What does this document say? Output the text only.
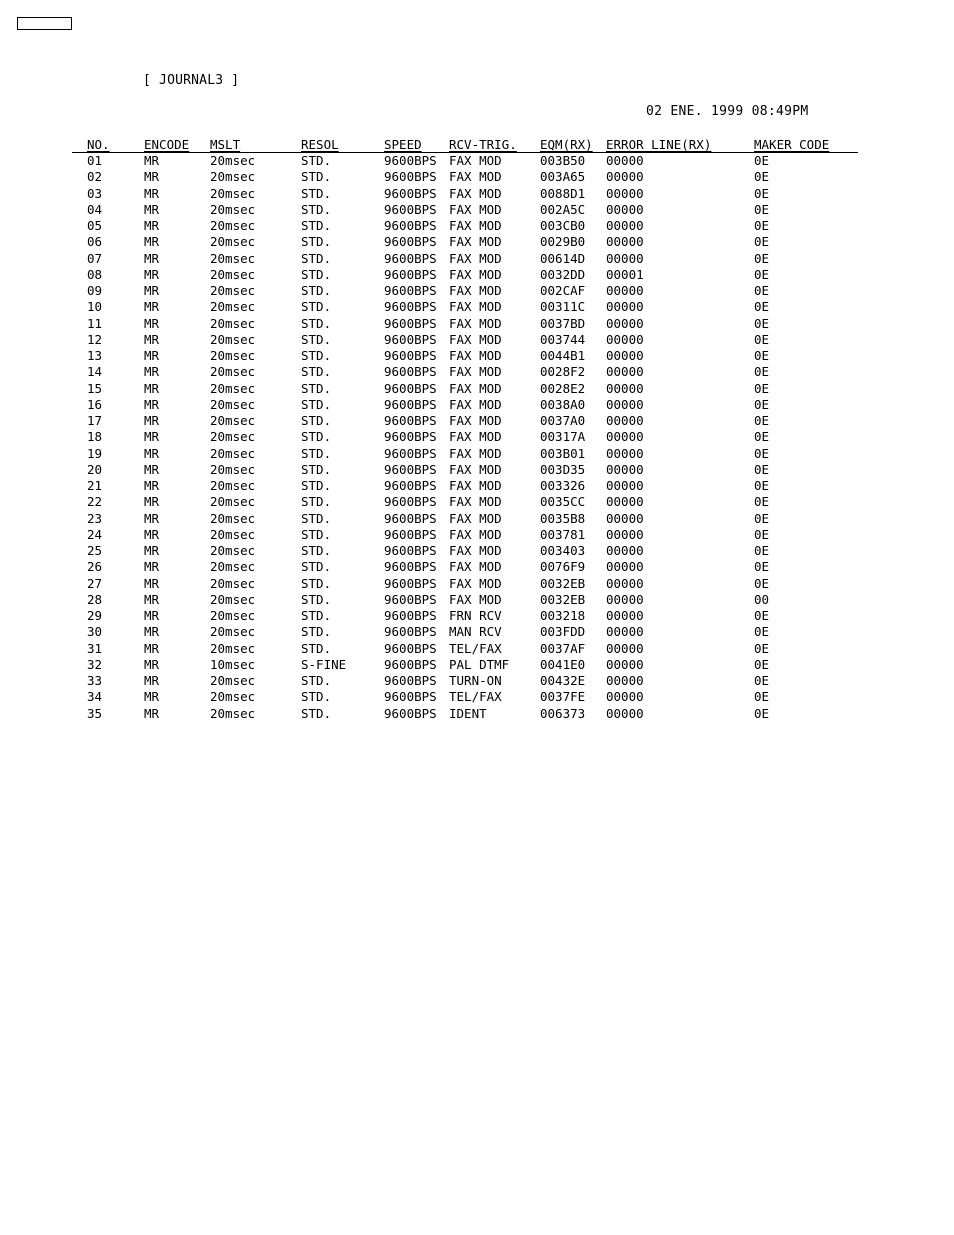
[ JOURNAL3 ]
02 ENE. 1999 08:49PM
NO.	ENCODE MSLT	RESOL	SPEED RCV-TRIG. EQM(RX) ERROR LINE(RX)	MAKER CODE
01	MR	20msec	STD.	9600BPS FAX MOD	003B50 00000	0E
02	MR	20msec	STD.	9600BPS FAX MOD	003A65 00000	0E
03	MR	20msec	STD.	9600BPS FAX MOD	0088D1 00000	0E
04	MR	20msec	STD.	9600BPS FAX MOD	002A5C 00000	0E
05	MR	20msec	STD.	9600BPS FAX MOD	003CB0 00000	0E
06	MR	20msec	STD.	9600BPS FAX MOD	0029B0 00000	0E
07	MR	20msec	STD.	9600BPS FAX MOD	00614D 00000	0E
08	MR	20msec	STD.	9600BPS FAX MOD	0032DD 00001	0E
09	MR	20msec	STD.	9600BPS FAX MOD	002CAF 00000	0E
10	MR	20msec	STD.	9600BPS FAX MOD	00311C 00000	0E
11	MR	20msec	STD.	9600BPS FAX MOD	0037BD 00000	0E
12	MR	20msec	STD.	9600BPS FAX MOD	003744 00000	0E
13	MR	20msec	STD.	9600BPS FAX MOD	0044B1 00000	0E
14	MR	20msec	STD.	9600BPS FAX MOD	0028F2 00000	0E
15	MR	20msec	STD.	9600BPS FAX MOD	0028E2 00000	0E
16	MR	20msec	STD.	9600BPS FAX MOD	0038A0 00000	0E
17	MR	20msec	STD.	9600BPS FAX MOD	0037A0 00000	0E
18	MR	20msec	STD.	9600BPS FAX MOD	00317A 00000	0E
19	MR	20msec	STD.	9600BPS FAX MOD	003B01 00000	0E
20	MR	20msec	STD.	9600BPS FAX MOD	003D35 00000	0E
21	MR	20msec	STD.	9600BPS FAX MOD	003326 00000	0E
22	MR	20msec	STD.	9600BPS FAX MOD	0035CC 00000	0E
23	MR	20msec	STD.	9600BPS FAX MOD	0035B8 00000	0E
24	MR	20msec	STD.	9600BPS FAX MOD	003781 00000	0E
25	MR	20msec	STD.	9600BPS FAX MOD	003403 00000	0E
26	MR	20msec	STD.	9600BPS FAX MOD	0076F9 00000	0E
27	MR	20msec	STD.	9600BPS FAX MOD	0032EB 00000	0E
28	MR	20msec	STD.	9600BPS FAX MOD	0032EB 00000	00
29	MR	20msec	STD.	9600BPS FRN RCV	003218 00000	0E
30	MR	20msec	STD.	9600BPS MAN RCV	003FDD 00000	0E
31	MR	20msec	STD.	9600BPS TEL/FAX	0037AF 00000	0E
32	MR	10msec	S-FINE	9600BPS PAL DTMF 0041E0 00000	0E
33	MR	20msec	STD.	9600BPS TURN-ON	00432E 00000	0E
34	MR	20msec	STD.	9600BPS TEL/FAX	0037FE 00000	0E
35	MR	20msec	STD.	9600BPS IDENT	006373 00000	0E
